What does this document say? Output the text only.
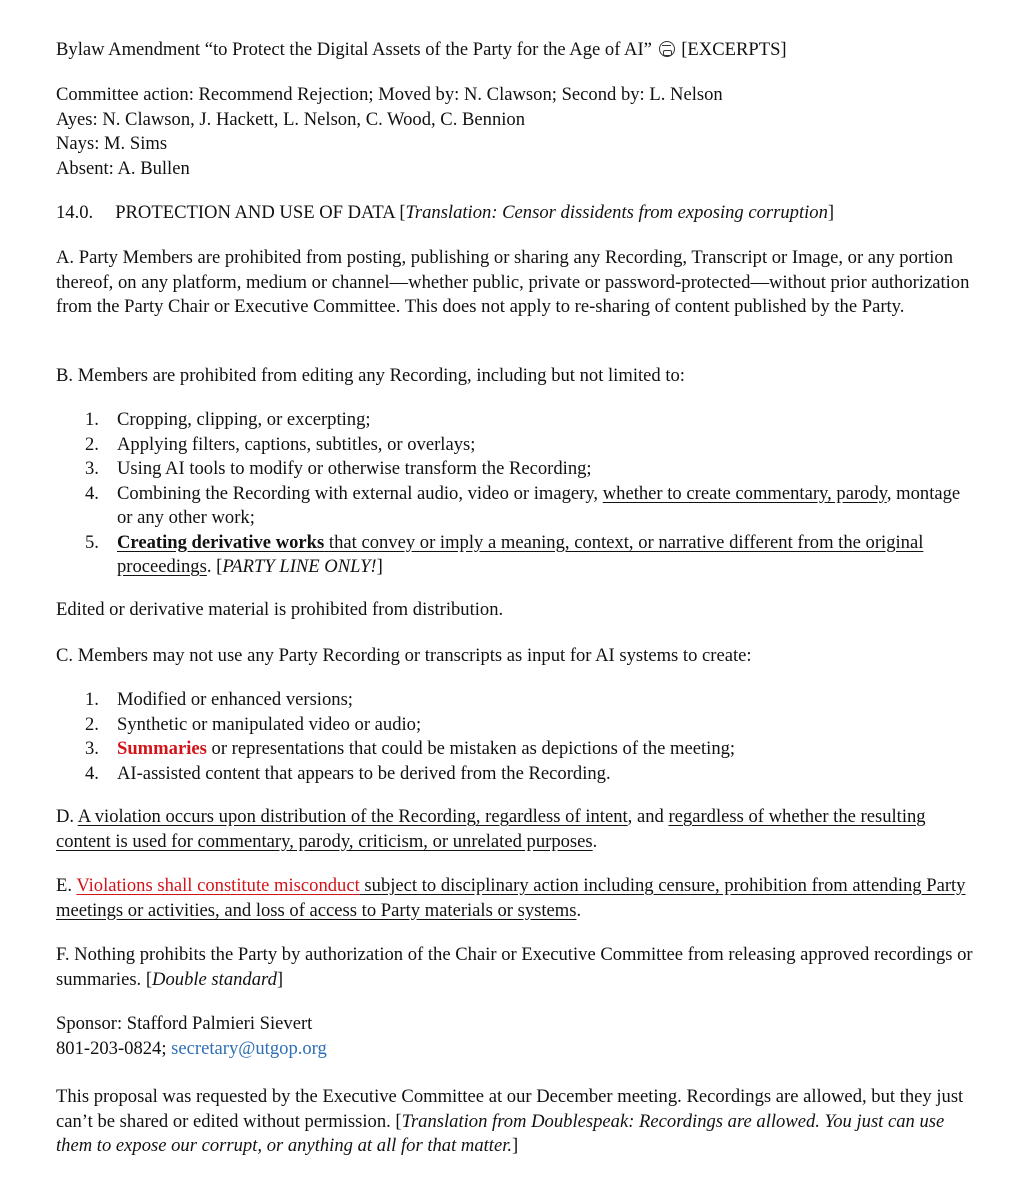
Bylaw Amendment “to Protect the Digital Assets of the Party for the Age of AI” [EXCERPTS]

Committee action: Recommend Rejection; Moved by: N. Clawson; Second by: L. Nelson
Ayes: N. Clawson, J. Hackett, L. Nelson, C. Wood, C. Bennion
Nays: M. Sims
Absent: A. Bullen

14.0. PROTECTION AND USE OF DATA [Translation: Censor dissidents from exposing corruption]

A. Party Members are prohibited from posting, publishing or sharing any Recording, Transcript or Image, or any portion thereof, on any platform, medium or channel—whether public, private or password-protected—without prior authorization from the Party Chair or Executive Committee. This does not apply to re-sharing of content published by the Party.

B. Members are prohibited from editing any Recording, including but not limited to:

1. Cropping, clipping, or excerpting;
2. Applying filters, captions, subtitles, or overlays;
3. Using AI tools to modify or otherwise transform the Recording;
4. Combining the Recording with external audio, video or imagery, whether to create commentary, parody, montage or any other work;
5. Creating derivative works that convey or imply a meaning, context, or narrative different from the original proceedings. [PARTY LINE ONLY!]

Edited or derivative material is prohibited from distribution.

C. Members may not use any Party Recording or transcripts as input for AI systems to create:

1. Modified or enhanced versions;
2. Synthetic or manipulated video or audio;
3. Summaries or representations that could be mistaken as depictions of the meeting;
4. AI-assisted content that appears to be derived from the Recording.

D. A violation occurs upon distribution of the Recording, regardless of intent, and regardless of whether the resulting content is used for commentary, parody, criticism, or unrelated purposes.

E. Violations shall constitute misconduct subject to disciplinary action including censure, prohibition from attending Party meetings or activities, and loss of access to Party materials or systems.

F. Nothing prohibits the Party by authorization of the Chair or Executive Committee from releasing approved recordings or summaries. [Double standard]

Sponsor: Stafford Palmieri Sievert
801-203-0824; secretary@utgop.org

This proposal was requested by the Executive Committee at our December meeting. Recordings are allowed, but they just can’t be shared or edited without permission. [Translation from Doublespeak: Recordings are allowed. You just can use them to expose our corrupt, or anything at all for that matter.]
